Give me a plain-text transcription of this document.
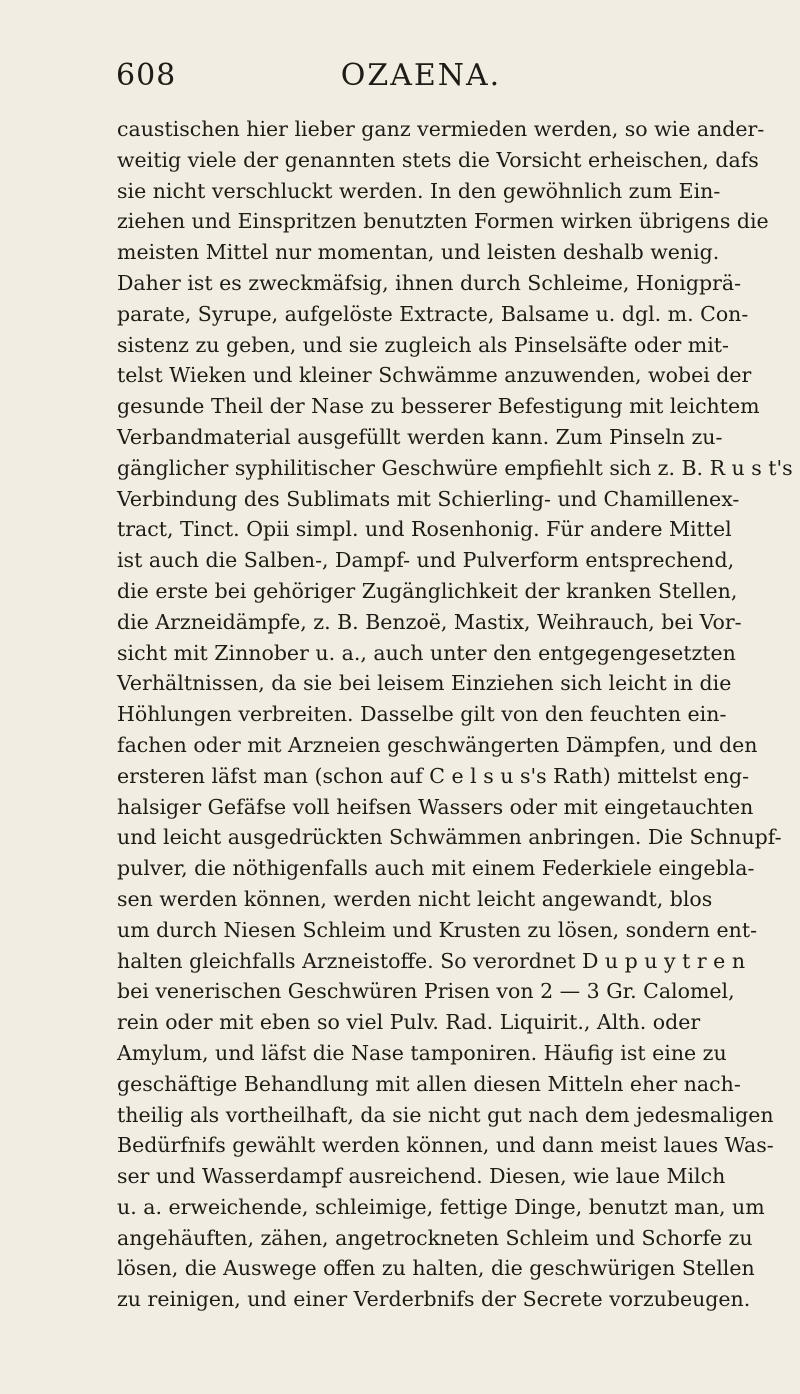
608	OZAENA.
caustischen hier lieber ganz vermieden werden, so wie ander-
weitig viele der genannten stets die Vorsicht erheischen, dafs
sie nicht verschluckt werden. In den gewöhnlich zum Ein-
ziehen und Einspritzen benutzten Formen wirken übrigens die
meisten Mittel nur momentan, und leisten deshalb wenig.
Daher ist es zweckmäfsig, ihnen durch Schleime, Honigprä-
parate, Syrupe, aufgelöste Extracte, Balsame u. dgl. m. Con-
sistenz zu geben, und sie zugleich als Pinselsäfte oder mit-
telst Wieken und kleiner Schwämme anzuwenden, wobei der
gesunde Theil der Nase zu besserer Befestigung mit leichtem
Verbandmaterial ausgefüllt werden kann. Zum Pinseln zu-
gänglicher syphilitischer Geschwüre empfiehlt sich z. B. R u s t's
Verbindung des Sublimats mit Schierling- und Chamillenex-
tract, Tinct. Opii simpl. und Rosenhonig. Für andere Mittel
ist auch die Salben-, Dampf- und Pulverform entsprechend,
die erste bei gehöriger Zugänglichkeit der kranken Stellen,
die Arzneidämpfe, z. B. Benzoë, Mastix, Weihrauch, bei Vor-
sicht mit Zinnober u. a., auch unter den entgegengesetzten
Verhältnissen, da sie bei leisem Einziehen sich leicht in die
Höhlungen verbreiten. Dasselbe gilt von den feuchten ein-
fachen oder mit Arzneien geschwängerten Dämpfen, und den
ersteren läfst man (schon auf C e l s u s's Rath) mittelst eng-
halsiger Gefäfse voll heifsen Wassers oder mit eingetauchten
und leicht ausgedrückten Schwämmen anbringen. Die Schnupf-
pulver, die nöthigenfalls auch mit einem Federkiele eingebla-
sen werden können, werden nicht leicht angewandt, blos
um durch Niesen Schleim und Krusten zu lösen, sondern ent-
halten gleichfalls Arzneistoffe. So verordnet D u p u y t r e n
bei venerischen Geschwüren Prisen von 2 — 3 Gr. Calomel,
rein oder mit eben so viel Pulv. Rad. Liquirit., Alth. oder
Amylum, und läfst die Nase tamponiren. Häufig ist eine zu
geschäftige Behandlung mit allen diesen Mitteln eher nach-
theilig als vortheilhaft, da sie nicht gut nach dem jedesmaligen
Bedürfnifs gewählt werden können, und dann meist laues Was-
ser und Wasserdampf ausreichend. Diesen, wie laue Milch
u. a. erweichende, schleimige, fettige Dinge, benutzt man, um
angehäuften, zähen, angetrockneten Schleim und Schorfe zu
lösen, die Auswege offen zu halten, die geschwürigen Stellen
zu reinigen, und einer Verderbnifs der Secrete vorzubeugen.
